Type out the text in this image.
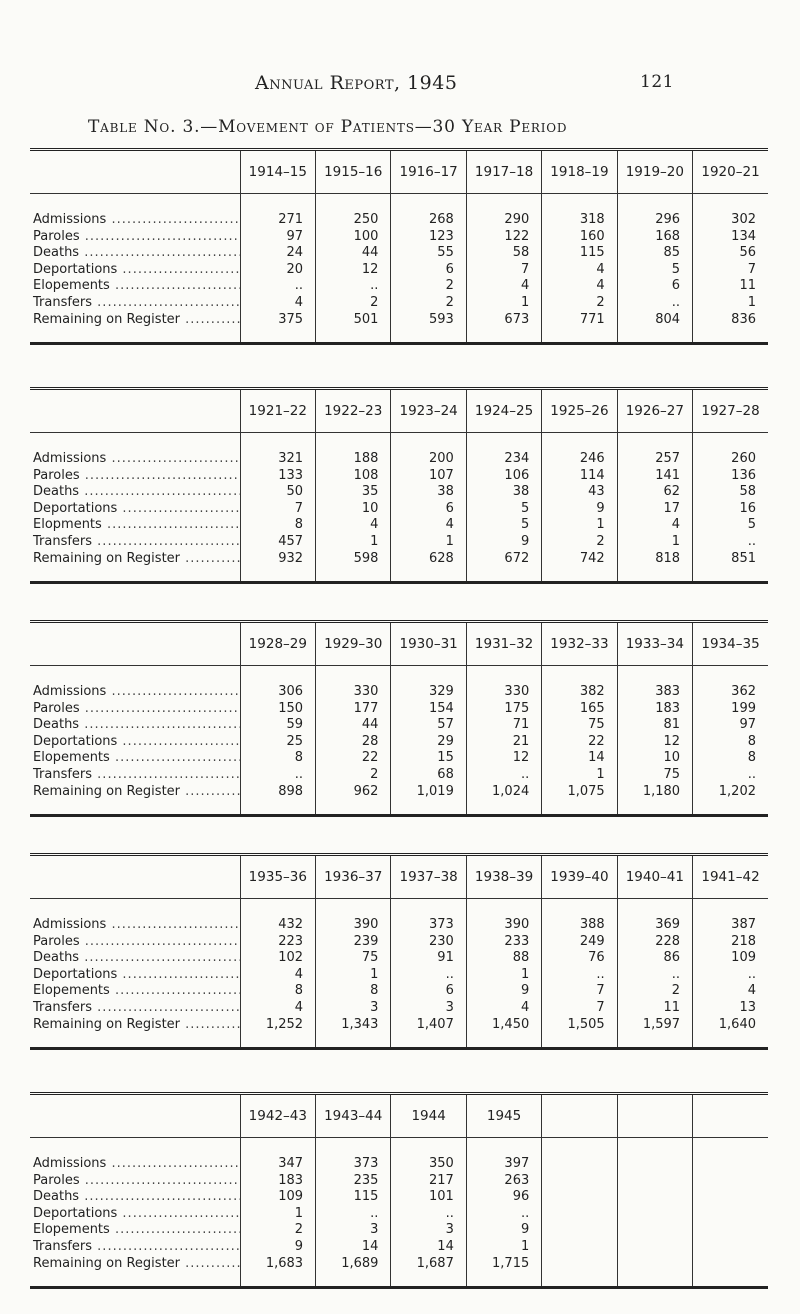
Annual Report, 1945	121
Table No. 3.—Movement of Patients—30 Year Period
	1914–15	1915–16	1916–17	1917–18	1918–19	1919–20	1920–21
Admissions .....	271	250	268	290	318	296	302
Paroles .....	97	100	123	122	160	168	134
Deaths .....	24	44	55	58	115	85	56
Deportations .....	20	12	6	7	4	5	7
Elopements .....	..	..	2	4	4	6	11
Transfers .....	4	2	2	1	2	..	1
Remaining on Register .....	375	501	593	673	771	804	836
	1921–22	1922–23	1923–24	1924–25	1925–26	1926–27	1927–28
Admissions .....	321	188	200	234	246	257	260
Paroles .....	133	108	107	106	114	141	136
Deaths .....	50	35	38	38	43	62	58
Deportations .....	7	10	6	5	9	17	16
Elopments .....	8	4	4	5	1	4	5
Transfers .....	457	1	1	9	2	1	..
Remaining on Register .....	932	598	628	672	742	818	851
	1928–29	1929–30	1930–31	1931–32	1932–33	1933–34	1934–35
Admissions .....	306	330	329	330	382	383	362
Paroles .....	150	177	154	175	165	183	199
Deaths .....	59	44	57	71	75	81	97
Deportations .....	25	28	29	21	22	12	8
Elopements .....	8	22	15	12	14	10	8
Transfers .....	..	2	68	..	1	75	..
Remaining on Register .....	898	962	1,019	1,024	1,075	1,180	1,202
	1935–36	1936–37	1937–38	1938–39	1939–40	1940–41	1941–42
Admissions .....	432	390	373	390	388	369	387
Paroles .....	223	239	230	233	249	228	218
Deaths .....	102	75	91	88	76	86	109
Deportations .....	4	1	..	1	..	..	..
Elopements .....	8	8	6	9	7	2	4
Transfers .....	4	3	3	4	7	11	13
Remaining on Register .....	1,252	1,343	1,407	1,450	1,505	1,597	1,640
	1942–43	1943–44	1944	1945			
Admissions .....	347	373	350	397			
Paroles .....	183	235	217	263			
Deaths .....	109	115	101	96			
Deportations .....	1	..	..	..			
Elopements .....	2	3	3	9			
Transfers .....	9	14	14	1			
Remaining on Register .....	1,683	1,689	1,687	1,715			
